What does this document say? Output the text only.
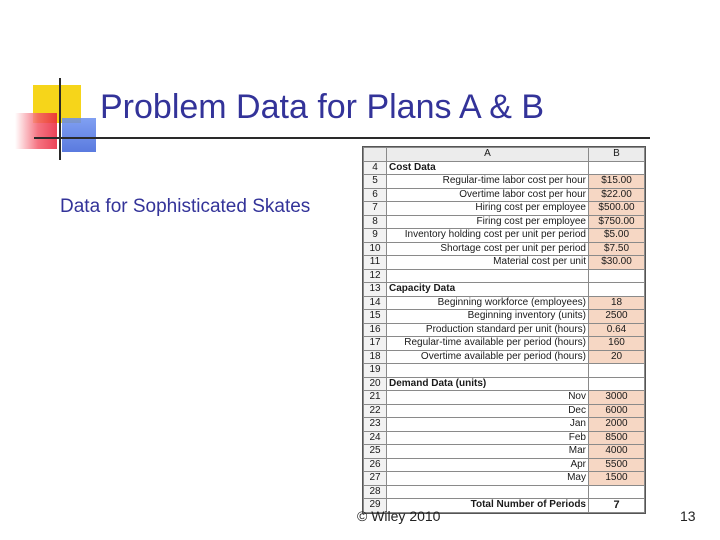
Problem Data for Plans A & B
Data for Sophisticated Skates
	A	B
4	Cost Data	
5	Regular-time labor cost per hour	$15.00
6	Overtime labor cost per hour	$22.00
7	Hiring cost per employee	$500.00
8	Firing cost per employee	$750.00
9	Inventory holding cost per unit per period	$5.00
10	Shortage cost per unit per period	$7.50
11	Material cost per unit	$30.00
12		
13	Capacity Data	
14	Beginning workforce (employees)	18
15	Beginning inventory (units)	2500
16	Production standard per unit (hours)	0.64
17	Regular-time available per period (hours)	160
18	Overtime available per period (hours)	20
19		
20	Demand Data (units)	
21	Nov	3000
22	Dec	6000
23	Jan	2000
24	Feb	8500
25	Mar	4000
26	Apr	5500
27	May	1500
28		
29	Total Number of Periods	7
© Wiley 2010	13
